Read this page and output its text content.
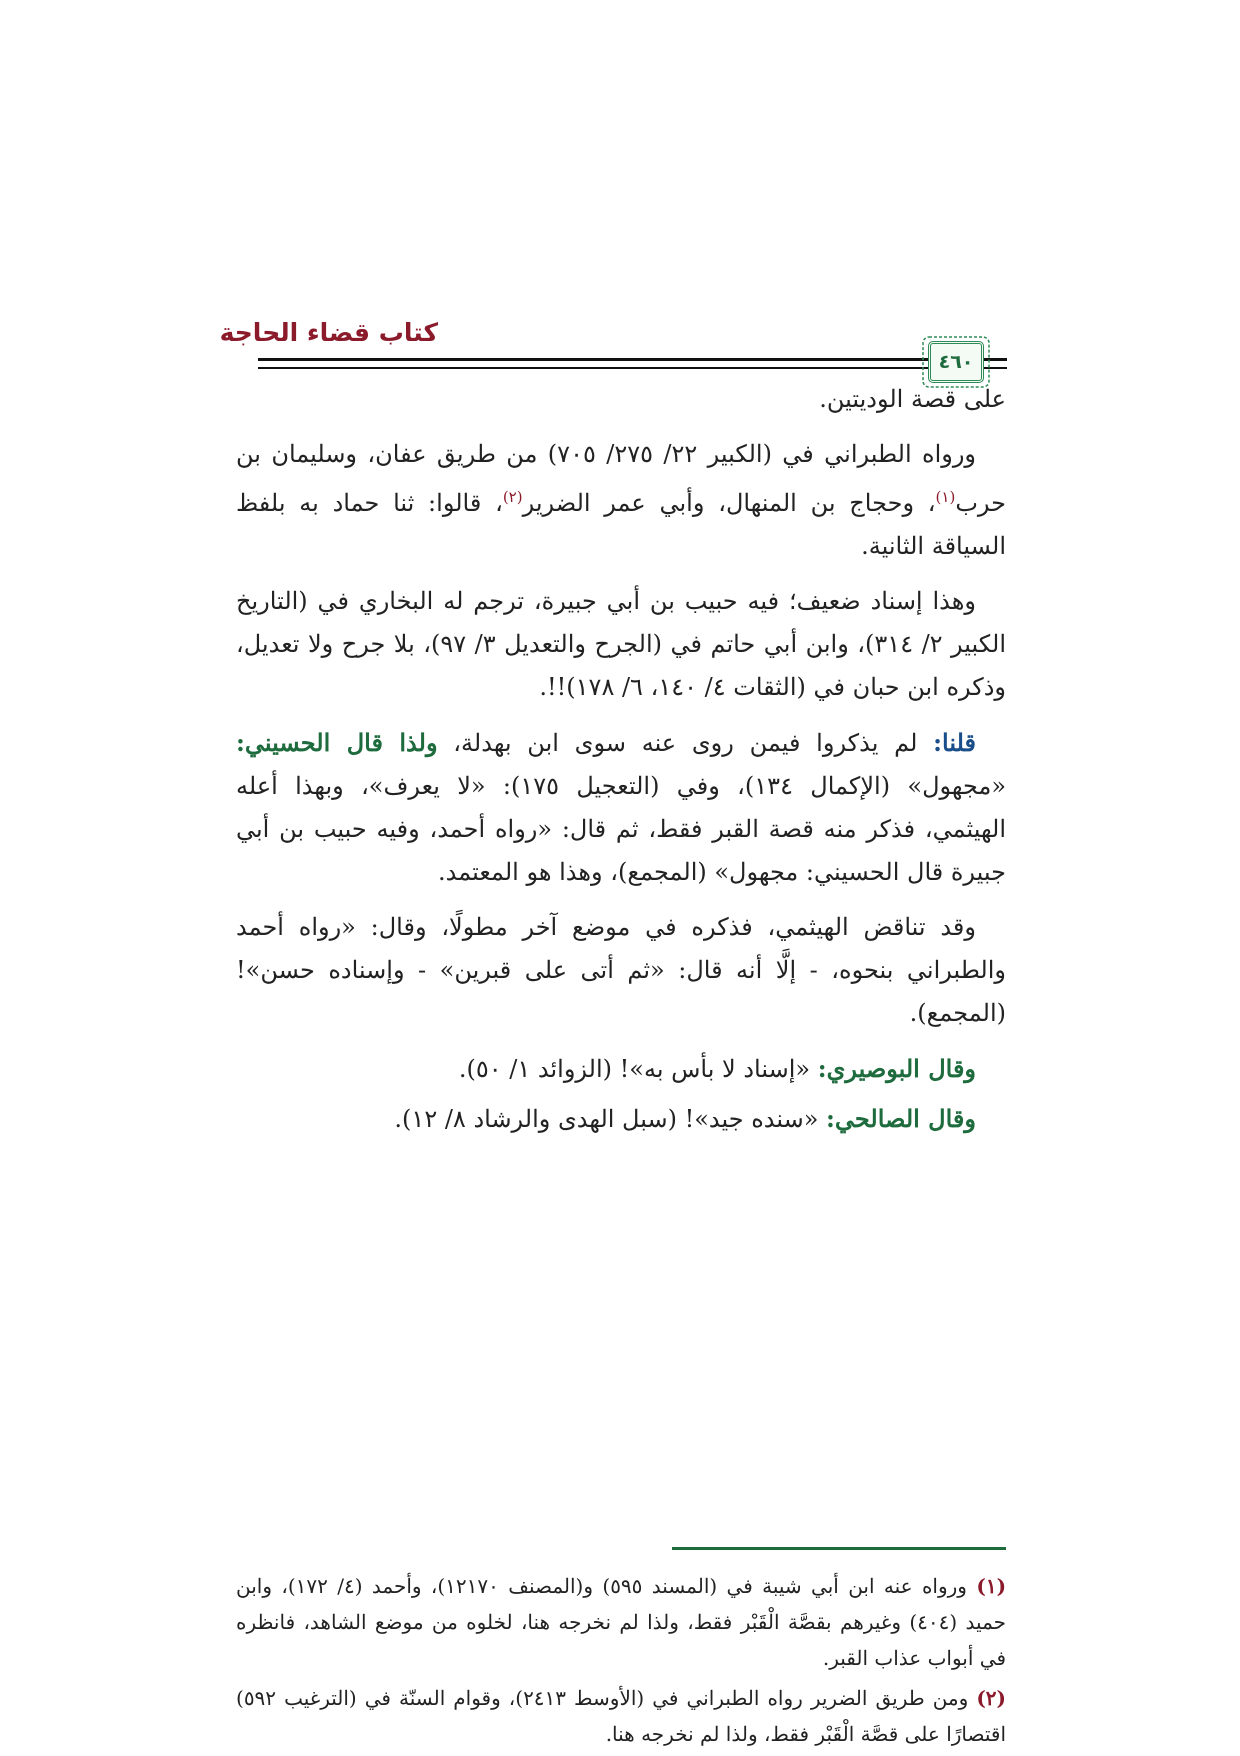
كتاب قضاء الحاجة
٤٦٠

على قصة الوديتين.

ورواه الطبراني في (الكبير ٢٢/ ٢٧٥/ ٧٠٥) من طريق عفان، وسليمان بن حرب$^{(١)}$، وحجاج بن المنهال، وأبي عمر الضرير$^{(٢)}$، قالوا: ثنا حماد به بلفظ السياقة الثانية.

وهذا إسناد ضعيف؛ فيه حبيب بن أبي جبيرة، ترجم له البخاري في (التاريخ الكبير ٢/ ٣١٤)، وابن أبي حاتم في (الجرح والتعديل ٣/ ٩٧)، بلا جرح ولا تعديل، وذكره ابن حبان في (الثقات ٤/ ١٤٠، ٦/ ١٧٨)!!.

قلنا: لم يذكروا فيمن روى عنه سوى ابن بهدلة، ولذا قال الحسيني: «مجهول» (الإكمال ١٣٤)، وفي (التعجيل ١٧٥): «لا يعرف»، وبهذا أعله الهيثمي، فذكر منه قصة القبر فقط، ثم قال: «رواه أحمد، وفيه حبيب بن أبي جبيرة قال الحسيني: مجهول» (المجمع)، وهذا هو المعتمد.

وقد تناقض الهيثمي، فذكره في موضع آخر مطولًا، وقال: «رواه أحمد والطبراني بنحوه، - إلَّا أنه قال: «ثم أتى على قبرين» - وإسناده حسن»! (المجمع).

وقال البوصيري: «إسناد لا بأس به»! (الزوائد ١/ ٥٠).

وقال الصالحي: «سنده جيد»! (سبل الهدى والرشاد ٨/ ١٢).

(١) ورواه عنه ابن أبي شيبة في (المسند ٥٩٥) و(المصنف ١٢١٧٠)، وأحمد (٤/ ١٧٢)، وابن حميد (٤٠٤) وغيرهم بقصَّة الْقَبْر فقط، ولذا لم نخرجه هنا، لخلوه من موضع الشاهد، فانظره في أبواب عذاب القبر.

(٢) ومن طريق الضرير رواه الطبراني في (الأوسط ٢٤١٣)، وقوام السنّة في (الترغيب ٥٩٢) اقتصارًا على قصَّة الْقَبْر فقط، ولذا لم نخرجه هنا.
